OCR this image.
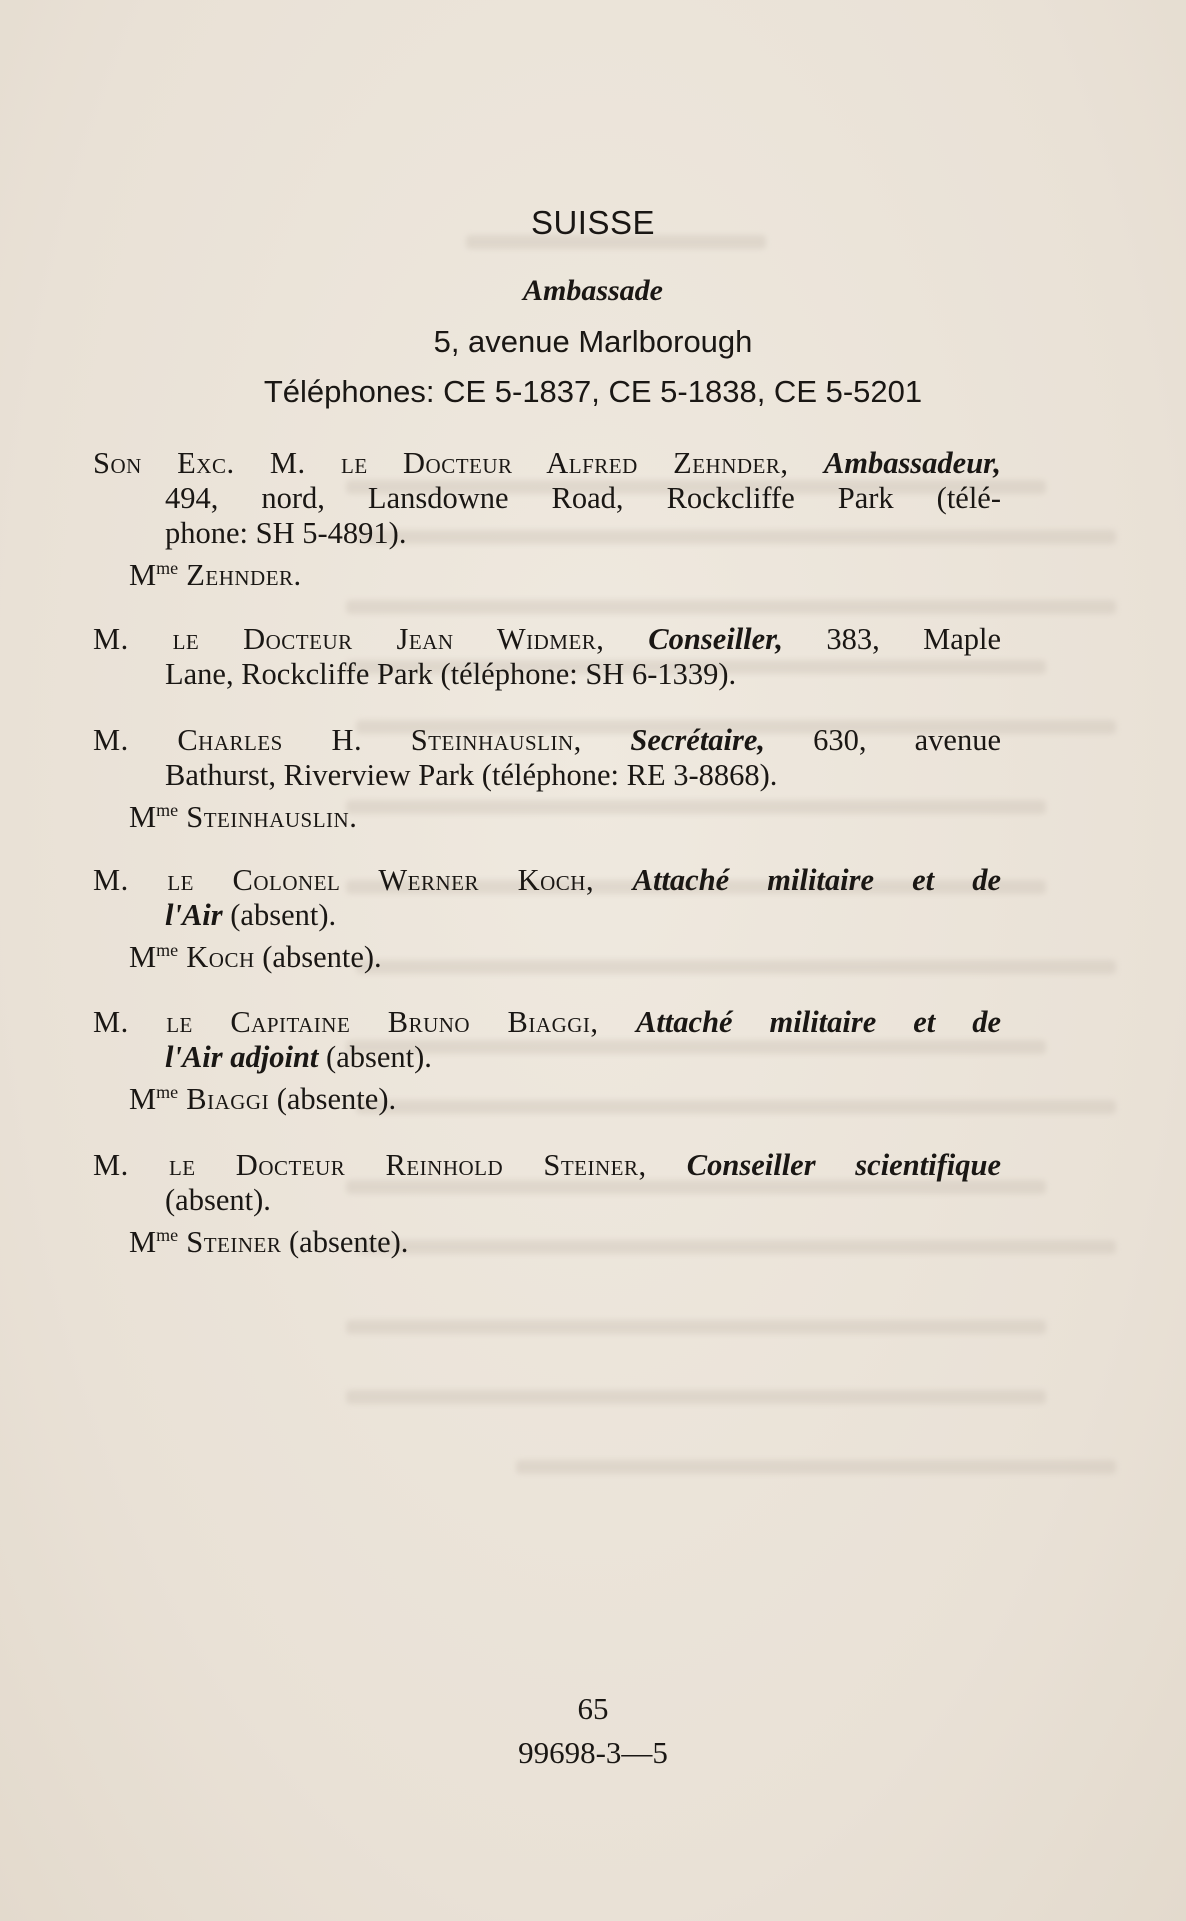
SUISSE
Ambassade
5, avenue Marlborough
Téléphones: CE 5-1837, CE 5-1838, CE 5-5201
Son Exc. M. le Docteur Alfred Zehnder, Ambassadeur,
494, nord, Lansdowne Road, Rockcliffe Park (télé-
phone: SH 5-4891).
$M^{me}$ Zehnder.
M. le Docteur Jean Widmer, Conseiller, 383, Maple
Lane, Rockcliffe Park (téléphone: SH 6-1339).
M. Charles H. Steinhauslin, Secrétaire, 630, avenue
Bathurst, Riverview Park (téléphone: RE 3-8868).
$M^{me}$ Steinhauslin.
M. le Colonel Werner Koch, Attaché militaire et de
l'Air (absent).
$M^{me}$ Koch (absente).
M. le Capitaine Bruno Biaggi, Attaché militaire et de
l'Air adjoint (absent).
$M^{me}$ Biaggi (absente).
M. le Docteur Reinhold Steiner, Conseiller scientifique
(absent).
$M^{me}$ Steiner (absente).
65
99698-3—5
